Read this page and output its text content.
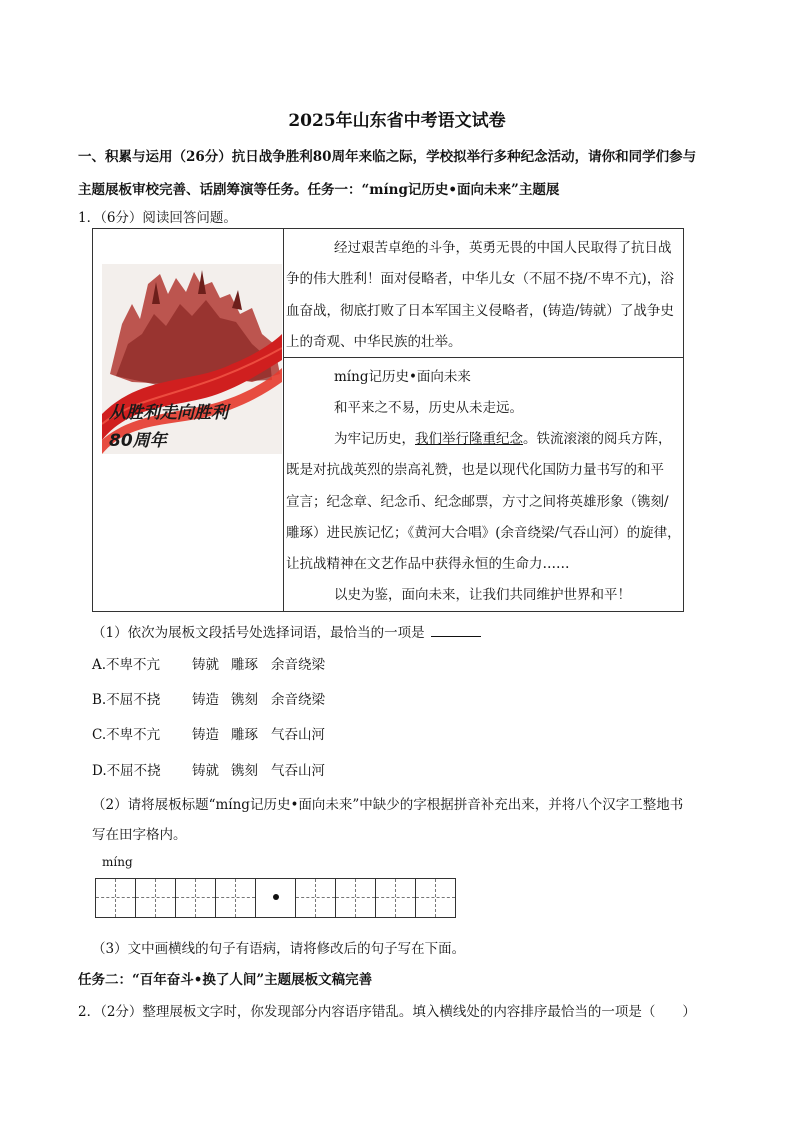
2025年山东省中考语文试卷
一、积累与运用（26分）抗日战争胜利80周年来临之际，学校拟举行多种纪念活动，请你和同学们参与
主题展板审校完善、话剧筹演等任务。任务一：“míng记历史•面向未来”主题展
1．（6分）阅读回答问题。
从胜利走向胜利
80周年
经过艰苦卓绝的斗争，英勇无畏的中国人民取得了抗日战
争的伟大胜利！面对侵略者，中华儿女（不屈不挠/不卑不亢)，浴
血奋战，彻底打败了日本军国主义侵略者，(铸造/铸就）了战争史
上的奇观、中华民族的壮举。
míng记历史•面向未来
和平来之不易，历史从未走远。
为牢记历史，我们举行隆重纪念。铁流滚滚的阅兵方阵，
既是对抗战英烈的崇高礼赞，也是以现代化国防力量书写的和平
宣言；纪念章、纪念币、纪念邮票，方寸之间将英雄形象（镌刻/
雕琢）进民族记忆；《黄河大合唱》(余音绕梁/气吞山河）的旋律，
让抗战精神在文艺作品中获得永恒的生命力……
以史为鉴，面向未来，让我们共同维护世界和平！
（1）依次为展板文段括号处选择词语，最恰当的一项是
A.不卑不亢 铸就 雕琢 余音绕梁
B.不屈不挠 铸造 镌刻 余音绕梁
C.不卑不亢 铸造 雕琢 气吞山河
D.不屈不挠 铸就 镌刻 气吞山河
（2）请将展板标题“míng记历史•面向未来”中缺少的字根据拼音补充出来，并将八个汉字工整地书
写在田字格内。
míng
（3）文中画横线的句子有语病，请将修改后的句子写在下面。
任务二：“百年奋斗•换了人间”主题展板文稿完善
2．（2分）整理展板文字时，你发现部分内容语序错乱。填入横线处的内容排序最恰当的一项是（　　）
